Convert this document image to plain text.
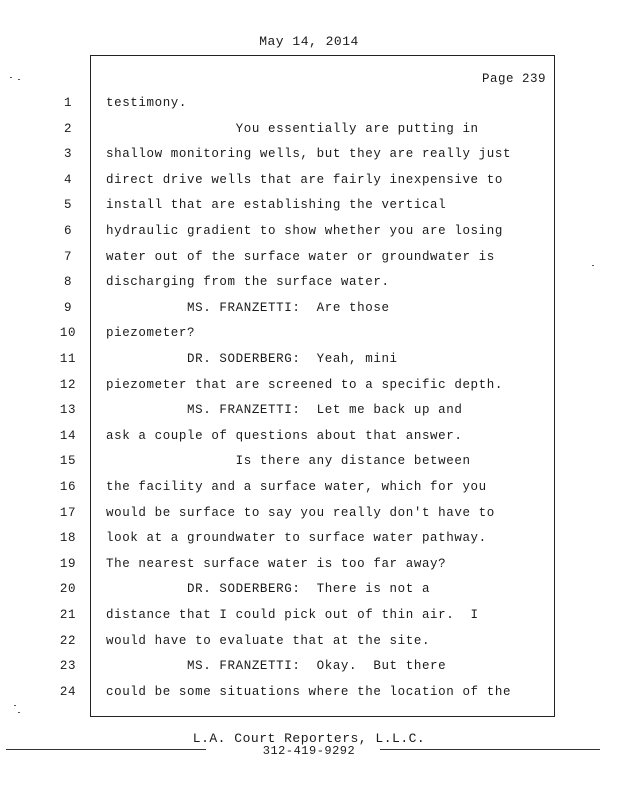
May 14, 2014
Page 239
1	testimony.
2	You essentially are putting in
3	shallow monitoring wells, but they are really just
4	direct drive wells that are fairly inexpensive to
5	install that are establishing the vertical
6	hydraulic gradient to show whether you are losing
7	water out of the surface water or groundwater is
8	discharging from the surface water.
9	MS. FRANZETTI:  Are those
10	piezometer?
11	DR. SODERBERG:  Yeah, mini
12	piezometer that are screened to a specific depth.
13	MS. FRANZETTI:  Let me back up and
14	ask a couple of questions about that answer.
15	Is there any distance between
16	the facility and a surface water, which for you
17	would be surface to say you really don't have to
18	look at a groundwater to surface water pathway.
19	The nearest surface water is too far away?
20	DR. SODERBERG:  There is not a
21	distance that I could pick out of thin air.  I
22	would have to evaluate that at the site.
23	MS. FRANZETTI:  Okay.  But there
24	could be some situations where the location of the
L.A. Court Reporters, L.L.C.
312-419-9292
